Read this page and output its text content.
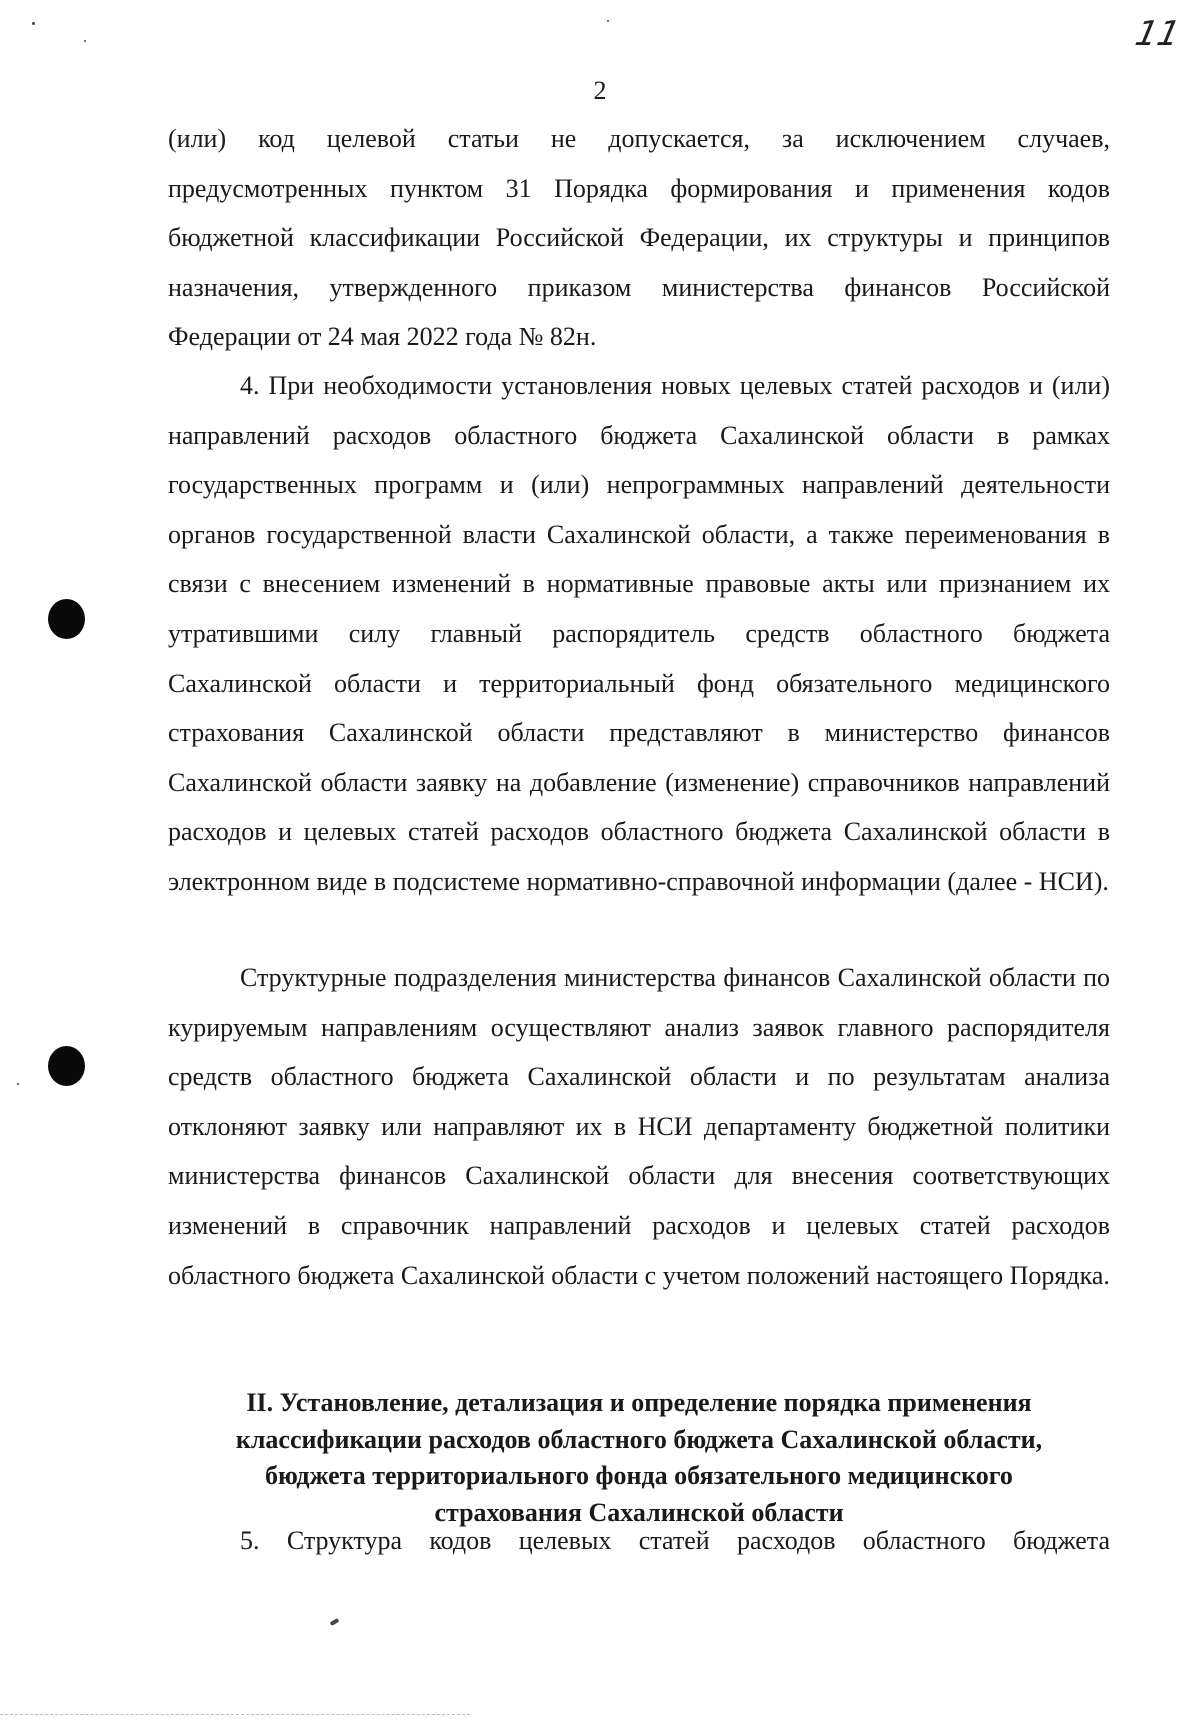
11
2

(или) код целевой статьи не допускается, за исключением случаев, предусмотренных пунктом 31 Порядка формирования и применения кодов бюджетной классификации Российской Федерации, их структуры и принципов назначения, утвержденного приказом министерства финансов Российской Федерации от 24 мая 2022 года № 82н.

4. При необходимости установления новых целевых статей расходов и (или) направлений расходов областного бюджета Сахалинской области в рамках государственных программ и (или) непрограммных направлений деятельности органов государственной власти Сахалинской области, а также переименования в связи с внесением изменений в нормативные правовые акты или признанием их утратившими силу главный распорядитель средств областного бюджета Сахалинской области и территориальный фонд обязательного медицинского страхования Сахалинской области представляют в министерство финансов Сахалинской области заявку на добавление (изменение) справочников направлений расходов и целевых статей расходов областного бюджета Сахалинской области в электронном виде в подсистеме нормативно-справочной информации (далее - НСИ).

Структурные подразделения министерства финансов Сахалинской области по курируемым направлениям осуществляют анализ заявок главного распорядителя средств областного бюджета Сахалинской области и по результатам анализа отклоняют заявку или направляют их в НСИ департаменту бюджетной политики министерства финансов Сахалинской области для внесения соответствующих изменений в справочник направлений расходов и целевых статей расходов областного бюджета Сахалинской области с учетом положений настоящего Порядка.

II. Установление, детализация и определение порядка применения
классификации расходов областного бюджета Сахалинской области,
бюджета территориального фонда обязательного медицинского
страхования Сахалинской области

5. Структура кодов целевых статей расходов областного бюджета
